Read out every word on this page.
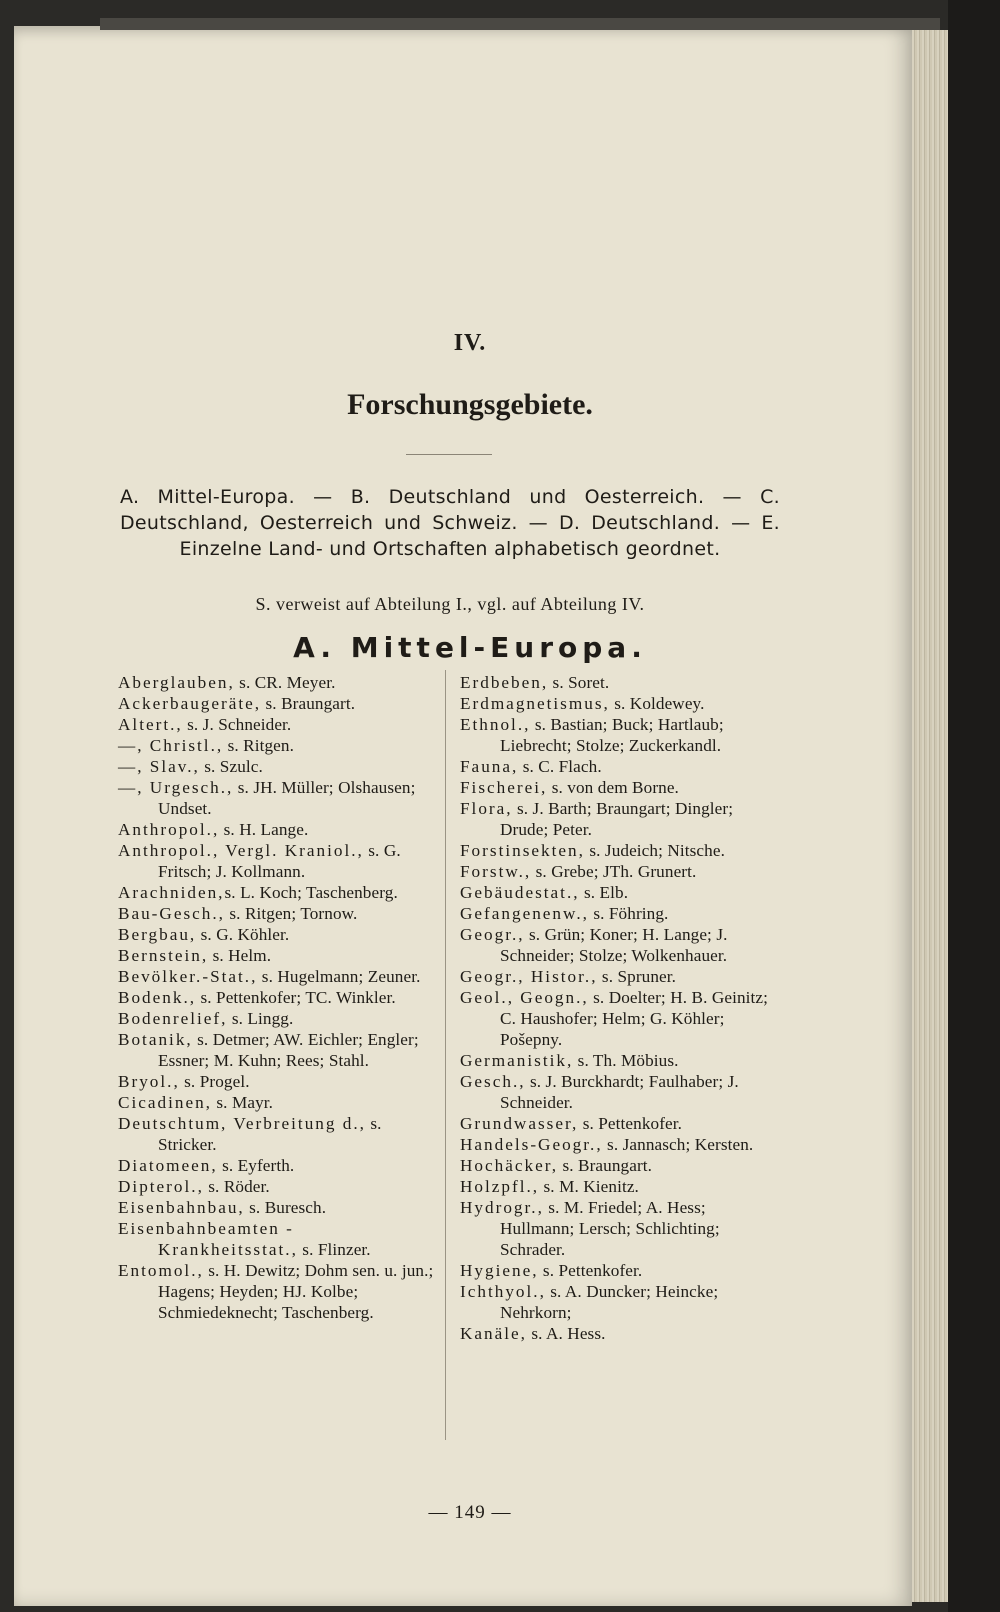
IV.
Forschungsgebiete.
A. Mittel-Europa. — B. Deutschland und Oesterreich. — C. Deutschland, Oesterreich und Schweiz. — D. Deutschland. — E. Einzelne Land- und Ortschaften alphabetisch geordnet.
S. verweist auf Abteilung I., vgl. auf Abteilung IV.
A. Mittel-Europa.
Aberglauben, s. CR. Meyer.
Ackerbaugeräte, s. Braungart.
Altert., s. J. Schneider.
—, Christl., s. Ritgen.
—, Slav., s. Szulc.
—, Urgesch., s. JH. Müller; Olshausen; Undset.
Anthropol., s. H. Lange.
Anthropol., Vergl. Kraniol., s. G. Fritsch; J. Kollmann.
Arachniden,s. L. Koch; Taschenberg.
Bau-Gesch., s. Ritgen; Tornow.
Bergbau, s. G. Köhler.
Bernstein, s. Helm.
Bevölker.-Stat., s. Hugelmann; Zeuner.
Bodenk., s. Pettenkofer; TC. Winkler.
Bodenrelief, s. Lingg.
Botanik, s. Detmer; AW. Eichler; Engler; Essner; M. Kuhn; Rees; Stahl.
Bryol., s. Progel.
Cicadinen, s. Mayr.
Deutschtum, Verbreitung d., s. Stricker.
Diatomeen, s. Eyferth.
Dipterol., s. Röder.
Eisenbahnbau, s. Buresch.
Eisenbahnbeamten - Krankheitsstat., s. Flinzer.
Entomol., s. H. Dewitz; Dohm sen. u. jun.; Hagens; Heyden; HJ. Kolbe; Schmiedeknecht; Taschenberg.
Erdbeben, s. Soret.
Erdmagnetismus, s. Koldewey.
Ethnol., s. Bastian; Buck; Hartlaub; Liebrecht; Stolze; Zuckerkandl.
Fauna, s. C. Flach.
Fischerei, s. von dem Borne.
Flora, s. J. Barth; Braungart; Dingler; Drude; Peter.
Forstinsekten, s. Judeich; Nitsche.
Forstw., s. Grebe; JTh. Grunert.
Gebäudestat., s. Elb.
Gefangenenw., s. Föhring.
Geogr., s. Grün; Koner; H. Lange; J. Schneider; Stolze; Wolkenhauer.
Geogr., Histor., s. Spruner.
Geol., Geogn., s. Doelter; H. B. Geinitz; C. Haushofer; Helm; G. Köhler; Pošepny.
Germanistik, s. Th. Möbius.
Gesch., s. J. Burckhardt; Faulhaber; J. Schneider.
Grundwasser, s. Pettenkofer.
Handels-Geogr., s. Jannasch; Kersten.
Hochäcker, s. Braungart.
Holzpfl., s. M. Kienitz.
Hydrogr., s. M. Friedel; A. Hess; Hullmann; Lersch; Schlichting; Schrader.
Hygiene, s. Pettenkofer.
Ichthyol., s. A. Duncker; Heincke; Nehrkorn;
Kanäle, s. A. Hess.
— 149 —
